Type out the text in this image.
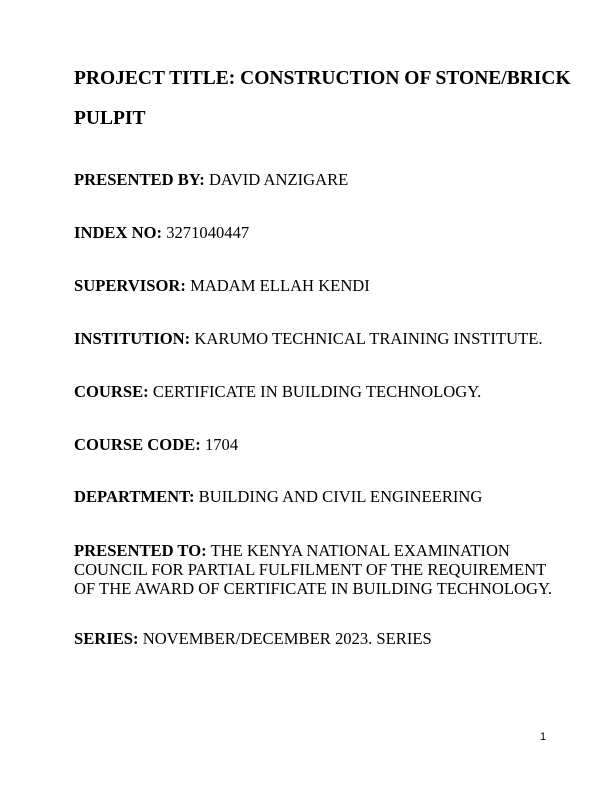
PROJECT TITLE: CONSTRUCTION OF STONE/BRICK

PULPIT

PRESENTED BY: DAVID ANZIGARE

INDEX NO: 3271040447

SUPERVISOR: MADAM ELLAH KENDI

INSTITUTION: KARUMO TECHNICAL TRAINING INSTITUTE.

COURSE: CERTIFICATE IN BUILDING TECHNOLOGY.

COURSE CODE: 1704

DEPARTMENT: BUILDING AND CIVIL ENGINEERING

PRESENTED TO: THE KENYA NATIONAL EXAMINATION COUNCIL FOR PARTIAL FULFILMENT OF THE REQUIREMENT OF THE AWARD OF CERTIFICATE IN BUILDING TECHNOLOGY.

SERIES: NOVEMBER/DECEMBER 2023. SERIES

1
